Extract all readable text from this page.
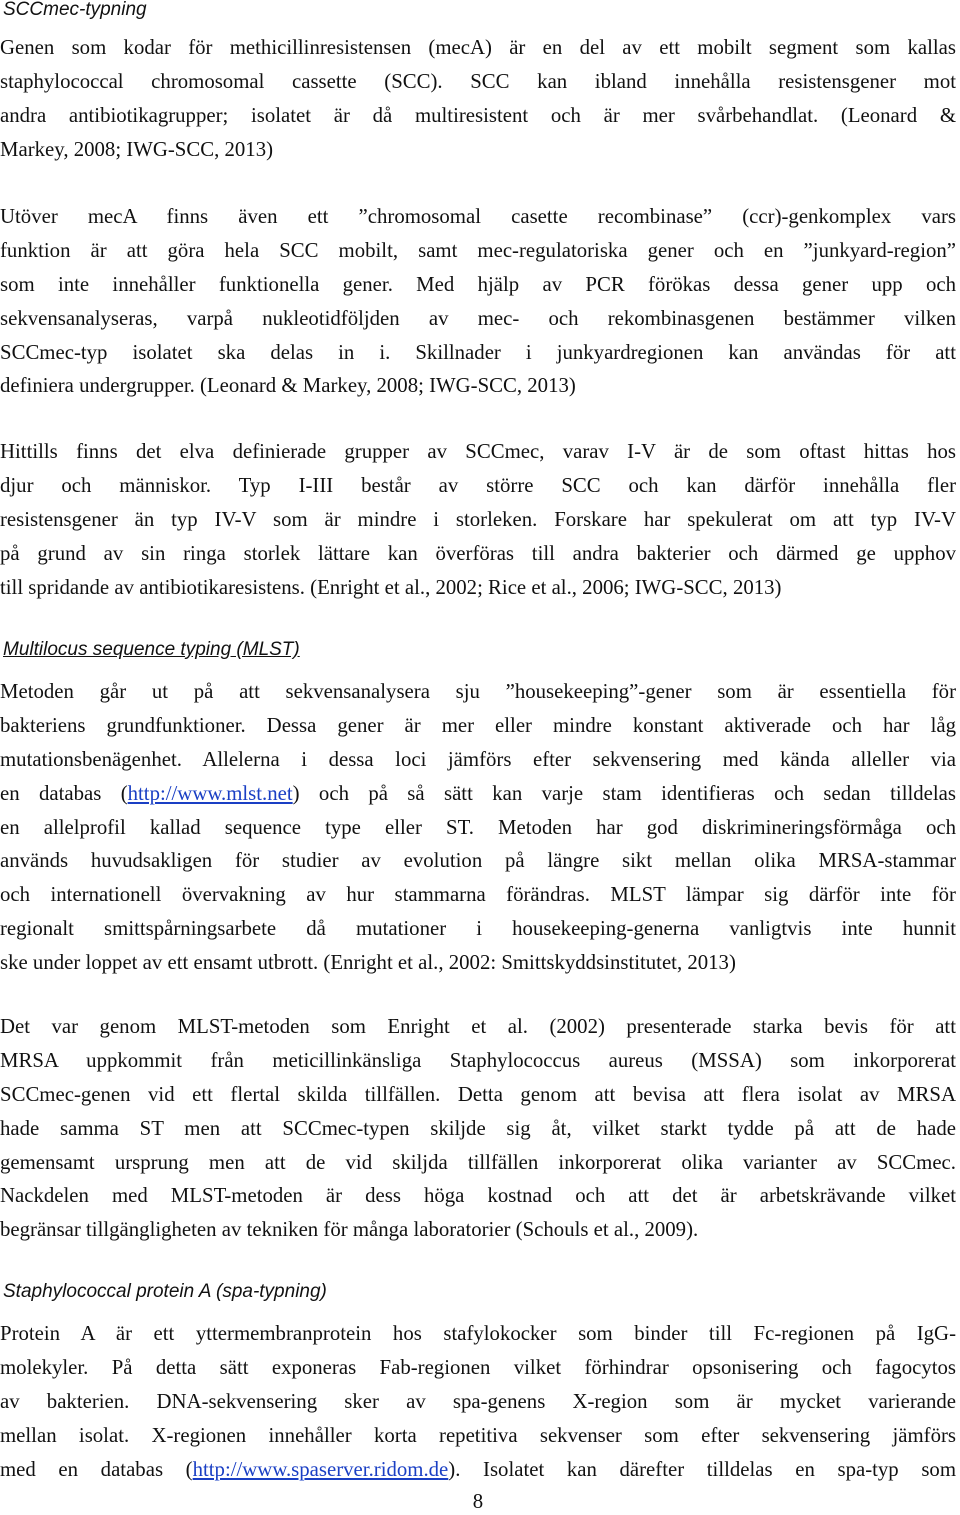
SCCmec-typning
Genen som kodar för methicillinresistensen (mecA) är en del av ett mobilt segment som kallas
staphylococcal chromosomal cassette (SCC). SCC kan ibland innehålla resistensgener mot
andra antibiotikagrupper; isolatet är då multiresistent och är mer svårbehandlat. (Leonard &
Markey, 2008; IWG-SCC, 2013)
Utöver mecA finns även ett ”chromosomal casette recombinase” (ccr)-genkomplex vars
funktion är att göra hela SCC mobilt, samt mec-regulatoriska gener och en ”junkyard-region”
som inte innehåller funktionella gener. Med hjälp av PCR förökas dessa gener upp och
sekvensanalyseras, varpå nukleotidföljden av mec- och rekombinasgenen bestämmer vilken
SCCmec-typ isolatet ska delas in i. Skillnader i junkyardregionen kan användas för att
definiera undergrupper. (Leonard & Markey, 2008; IWG-SCC, 2013)
Hittills finns det elva definierade grupper av SCCmec, varav I-V är de som oftast hittas hos
djur och människor. Typ I-III består av större SCC och kan därför innehålla fler
resistensgener än typ IV-V som är mindre i storleken. Forskare har spekulerat om att typ IV-V
på grund av sin ringa storlek lättare kan överföras till andra bakterier och därmed ge upphov
till spridande av antibiotikaresistens. (Enright et al., 2002; Rice et al., 2006; IWG-SCC, 2013)
Multilocus sequence typing (MLST)
Metoden går ut på att sekvensanalysera sju ”housekeeping”-gener som är essentiella för
bakteriens grundfunktioner. Dessa gener är mer eller mindre konstant aktiverade och har låg
mutationsbenägenhet. Allelerna i dessa loci jämförs efter sekvensering med kända alleller via
en databas (http://www.mlst.net) och på så sätt kan varje stam identifieras och sedan tilldelas
en allelprofil kallad sequence type eller ST. Metoden har god diskrimineringsförmåga och
används huvudsakligen för studier av evolution på längre sikt mellan olika MRSA-stammar
och internationell övervakning av hur stammarna förändras. MLST lämpar sig därför inte för
regionalt smittspårningsarbete då mutationer i housekeeping-generna vanligtvis inte hunnit
ske under loppet av ett ensamt utbrott. (Enright et al., 2002: Smittskyddsinstitutet, 2013)
Det var genom MLST-metoden som Enright et al. (2002) presenterade starka bevis för att
MRSA uppkommit från meticillinkänsliga Staphylococcus aureus (MSSA) som inkorporerat
SCCmec-genen vid ett flertal skilda tillfällen. Detta genom att bevisa att flera isolat av MRSA
hade samma ST men att SCCmec-typen skiljde sig åt, vilket starkt tydde på att de hade
gemensamt ursprung men att de vid skiljda tillfällen inkorporerat olika varianter av SCCmec.
Nackdelen med MLST-metoden är dess höga kostnad och att det är arbetskrävande vilket
begränsar tillgängligheten av tekniken för många laboratorier (Schouls et al., 2009).
Staphylococcal protein A (spa-typning)
Protein A är ett yttermembranprotein hos stafylokocker som binder till Fc-regionen på IgG-
molekyler. På detta sätt exponeras Fab-regionen vilket förhindrar opsonisering och fagocytos
av bakterien. DNA-sekvensering sker av spa-genens X-region som är mycket varierande
mellan isolat. X-regionen innehåller korta repetitiva sekvenser som efter sekvensering jämförs
med en databas (http://www.spaserver.ridom.de). Isolatet kan därefter tilldelas en spa-typ som
8
